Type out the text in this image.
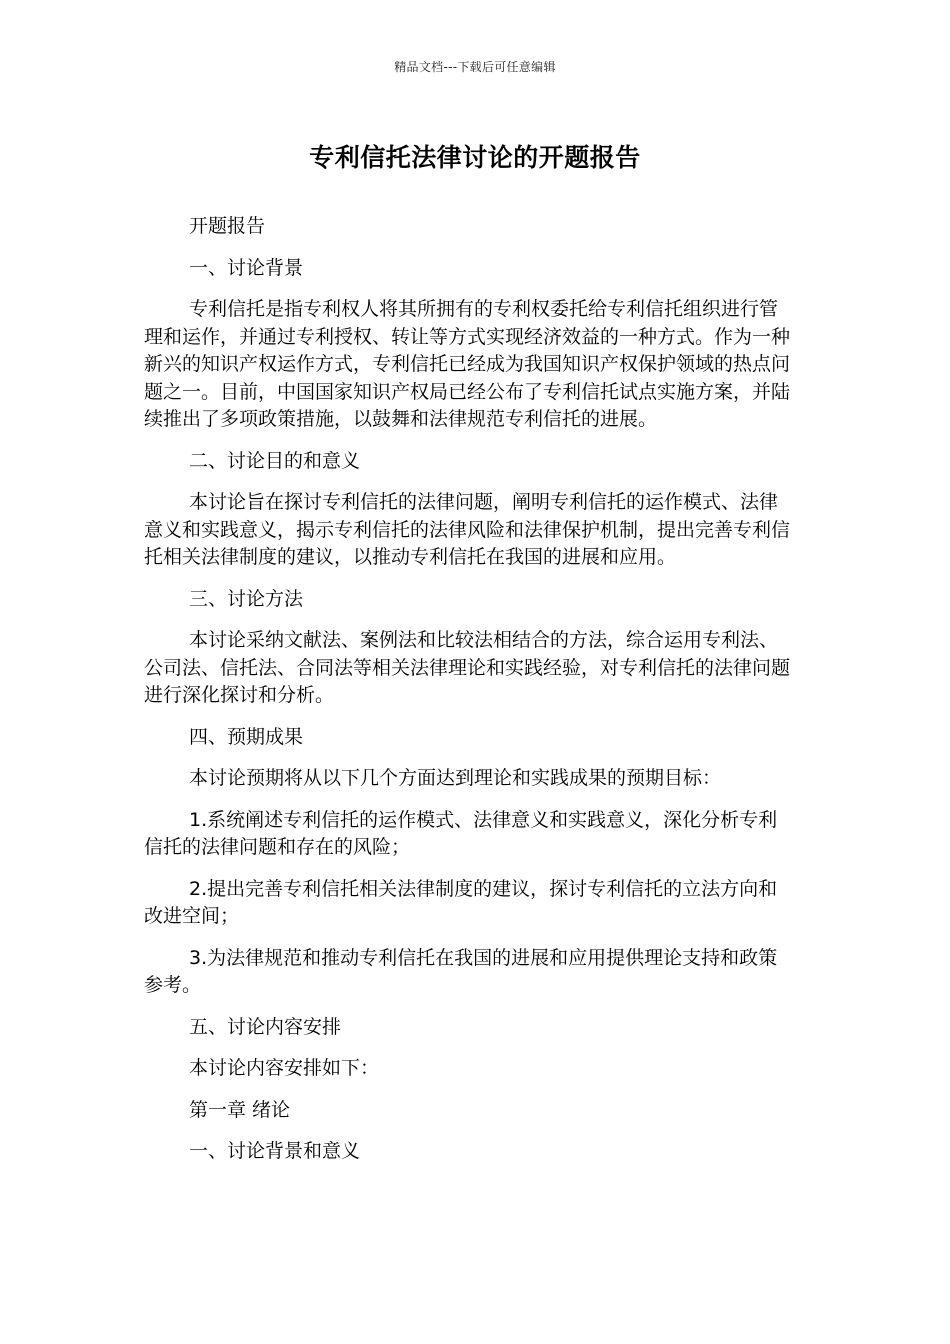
精品文档---下载后可任意编辑
专利信托法律讨论的开题报告

开题报告

一、讨论背景

专利信托是指专利权人将其所拥有的专利权委托给专利信托组织进行管理和运作，并通过专利授权、转让等方式实现经济效益的一种方式。作为一种新兴的知识产权运作方式，专利信托已经成为我国知识产权保护领域的热点问题之一。目前，中国国家知识产权局已经公布了专利信托试点实施方案，并陆续推出了多项政策措施，以鼓舞和法律规范专利信托的进展。

二、讨论目的和意义

本讨论旨在探讨专利信托的法律问题，阐明专利信托的运作模式、法律意义和实践意义，揭示专利信托的法律风险和法律保护机制，提出完善专利信托相关法律制度的建议，以推动专利信托在我国的进展和应用。

三、讨论方法

本讨论采纳文献法、案例法和比较法相结合的方法，综合运用专利法、公司法、信托法、合同法等相关法律理论和实践经验，对专利信托的法律问题进行深化探讨和分析。

四、预期成果

本讨论预期将从以下几个方面达到理论和实践成果的预期目标：

1.系统阐述专利信托的运作模式、法律意义和实践意义，深化分析专利信托的法律问题和存在的风险；

2.提出完善专利信托相关法律制度的建议，探讨专利信托的立法方向和改进空间；

3.为法律规范和推动专利信托在我国的进展和应用提供理论支持和政策参考。

五、讨论内容安排

本讨论内容安排如下：

第一章 绪论

一、讨论背景和意义
